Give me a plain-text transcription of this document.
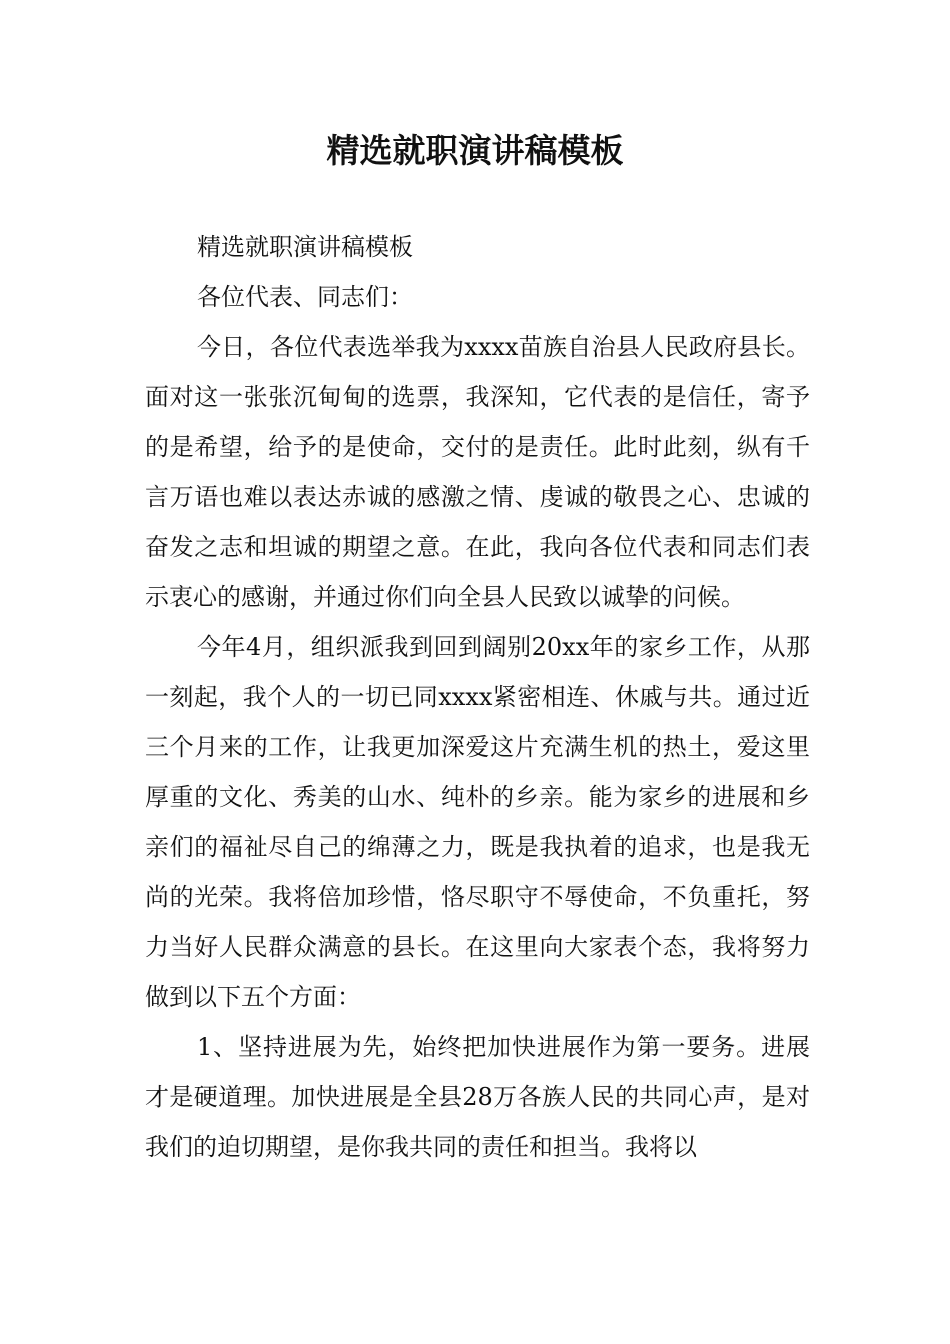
精选就职演讲稿模板

精选就职演讲稿模板

各位代表、同志们：

今日，各位代表选举我为xxxx苗族自治县人民政府县长。面对这一张张沉甸甸的选票，我深知，它代表的是信任，寄予的是希望，给予的是使命，交付的是责任。此时此刻，纵有千言万语也难以表达赤诚的感激之情、虔诚的敬畏之心、忠诚的奋发之志和坦诚的期望之意。在此，我向各位代表和同志们表示衷心的感谢，并通过你们向全县人民致以诚挚的问候。

今年4月，组织派我到回到阔别20xx年的家乡工作，从那一刻起，我个人的一切已同xxxx紧密相连、休戚与共。通过近三个月来的工作，让我更加深爱这片充满生机的热土，爱这里厚重的文化、秀美的山水、纯朴的乡亲。能为家乡的进展和乡亲们的福祉尽自己的绵薄之力，既是我执着的追求，也是我无尚的光荣。我将倍加珍惜，恪尽职守不辱使命，不负重托，努力当好人民群众满意的县长。在这里向大家表个态，我将努力做到以下五个方面：

1、坚持进展为先，始终把加快进展作为第一要务。进展才是硬道理。加快进展是全县28万各族人民的共同心声，是对我们的迫切期望，是你我共同的责任和担当。我将以
